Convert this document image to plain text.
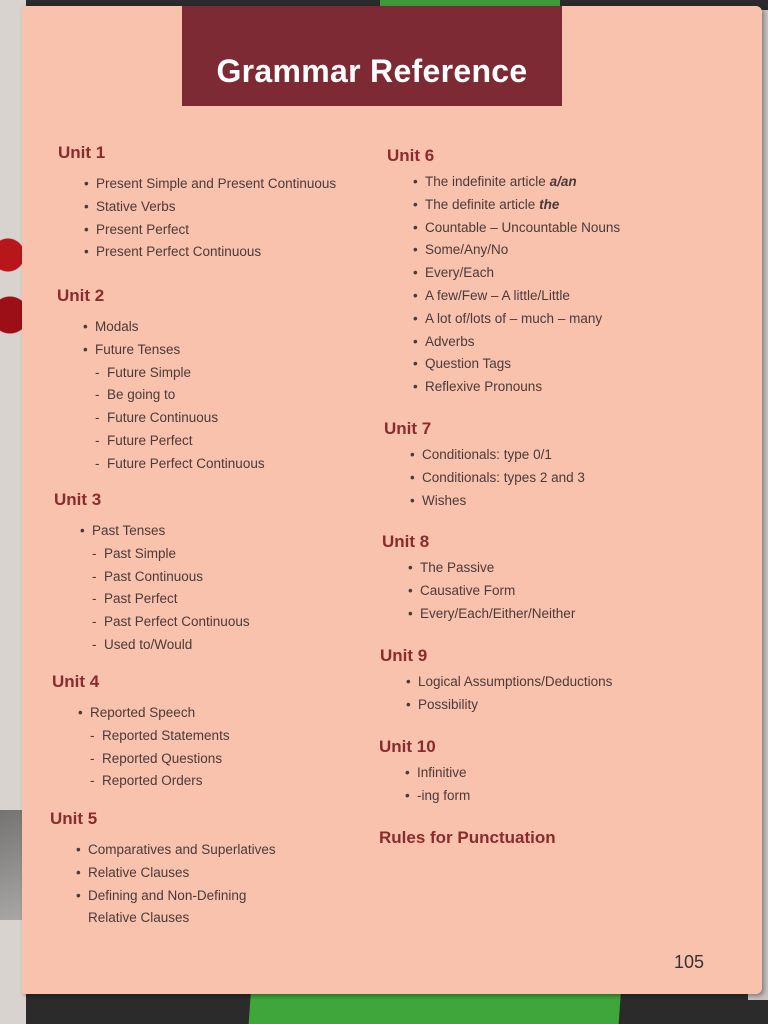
Grammar Reference
Unit 1
• Present Simple and Present Continuous
• Stative Verbs
• Present Perfect
• Present Perfect Continuous
Unit 2
• Modals
• Future Tenses
- Future Simple
- Be going to
- Future Continuous
- Future Perfect
- Future Perfect Continuous
Unit 3
• Past Tenses
- Past Simple
- Past Continuous
- Past Perfect
- Past Perfect Continuous
- Used to/Would
Unit 4
• Reported Speech
- Reported Statements
- Reported Questions
- Reported Orders
Unit 5
• Comparatives and Superlatives
• Relative Clauses
• Defining and Non-Defining
Relative Clauses
Unit 6
• The indefinite article a/an
• The definite article the
• Countable – Uncountable Nouns
• Some/Any/No
• Every/Each
• A few/Few – A little/Little
• A lot of/lots of – much – many
• Adverbs
• Question Tags
• Reflexive Pronouns
Unit 7
• Conditionals: type 0/1
• Conditionals: types 2 and 3
• Wishes
Unit 8
• The Passive
• Causative Form
• Every/Each/Either/Neither
Unit 9
• Logical Assumptions/Deductions
• Possibility
Unit 10
• Infinitive
• -ing form
Rules for Punctuation
105
